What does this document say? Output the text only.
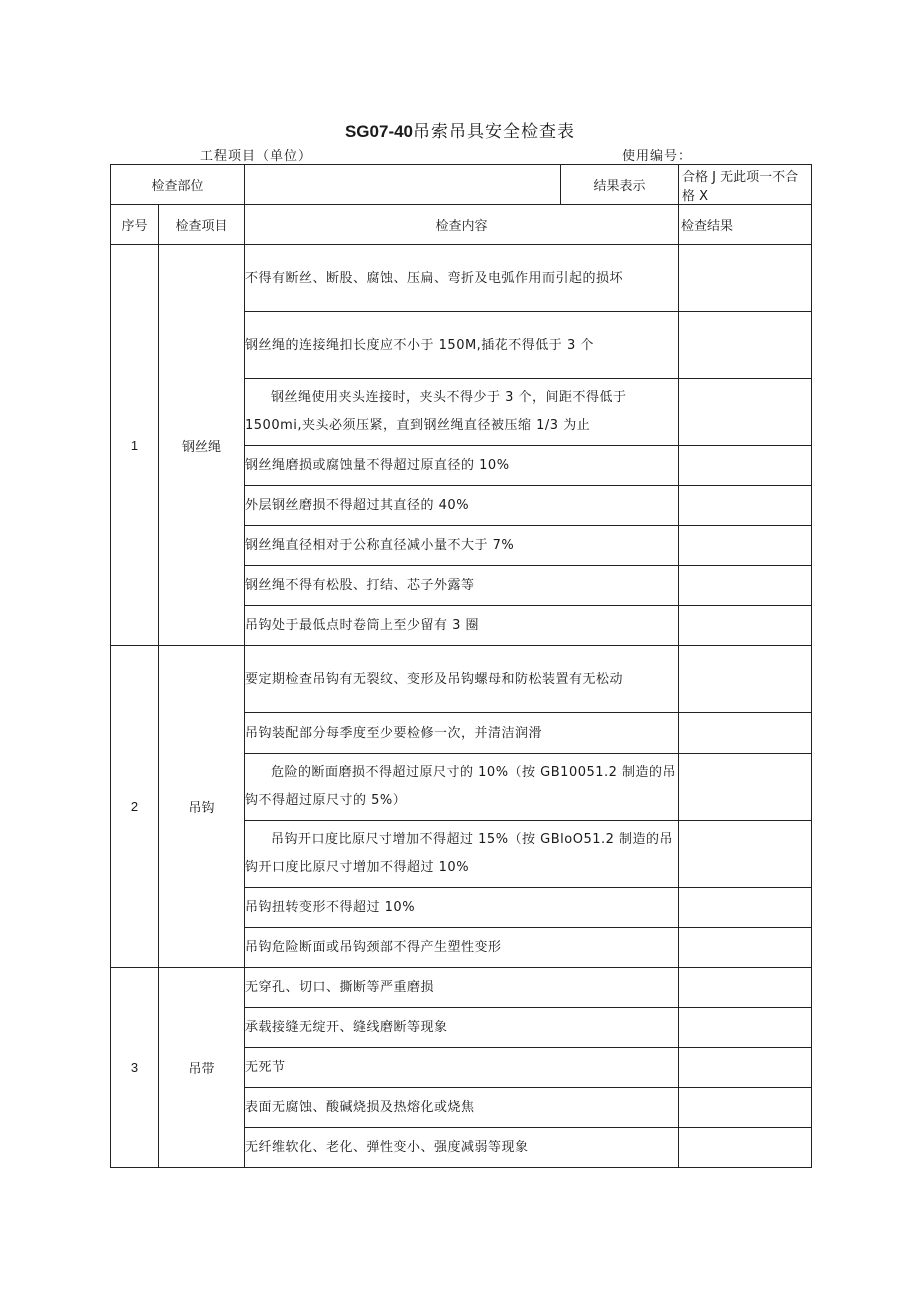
SG07-40吊索吊具安全检查表
工程项目（单位）	使用编号：
检查部位			结果表示	合格 J 无此项一不合格 X
序号	检查项目	检查内容		检查结果
1	钢丝绳	不得有断丝、断股、腐蚀、压扁、弯折及电弧作用而引起的损坏		
		钢丝绳的连接绳扣长度应不小于 150M,插花不得低于 3 个		
		钢丝绳使用夹头连接时，夹头不得少于 3 个，间距不得低于 1500mi,夹头必须压紧，直到钢丝绳直径被压缩 1/3 为止		
		钢丝绳磨损或腐蚀量不得超过原直径的 10%		
		外层钢丝磨损不得超过其直径的 40%		
		钢丝绳直径相对于公称直径减小量不大于 7%		
		钢丝绳不得有松股、打结、芯子外露等		
		吊钩处于最低点时卷筒上至少留有 3 圈		
2	吊钩	要定期检查吊钩有无裂纹、变形及吊钩螺母和防松装置有无松动		
		吊钩装配部分每季度至少要检修一次，并清洁润滑		
		危险的断面磨损不得超过原尺寸的 10%（按 GB10051.2 制造的吊钩不得超过原尺寸的 5%）		
		吊钩开口度比原尺寸增加不得超过 15%（按 GBloO51.2 制造的吊钩开口度比原尺寸增加不得超过 10%		
		吊钩扭转变形不得超过 10%		
		吊钩危险断面或吊钩颈部不得产生塑性变形		
3	吊带	无穿孔、切口、撕断等严重磨损		
		承载接缝无绽开、缝线磨断等现象		
		无死节		
		表面无腐蚀、酸碱烧损及热熔化或烧焦		
		无纤维软化、老化、弹性变小、强度减弱等现象		
